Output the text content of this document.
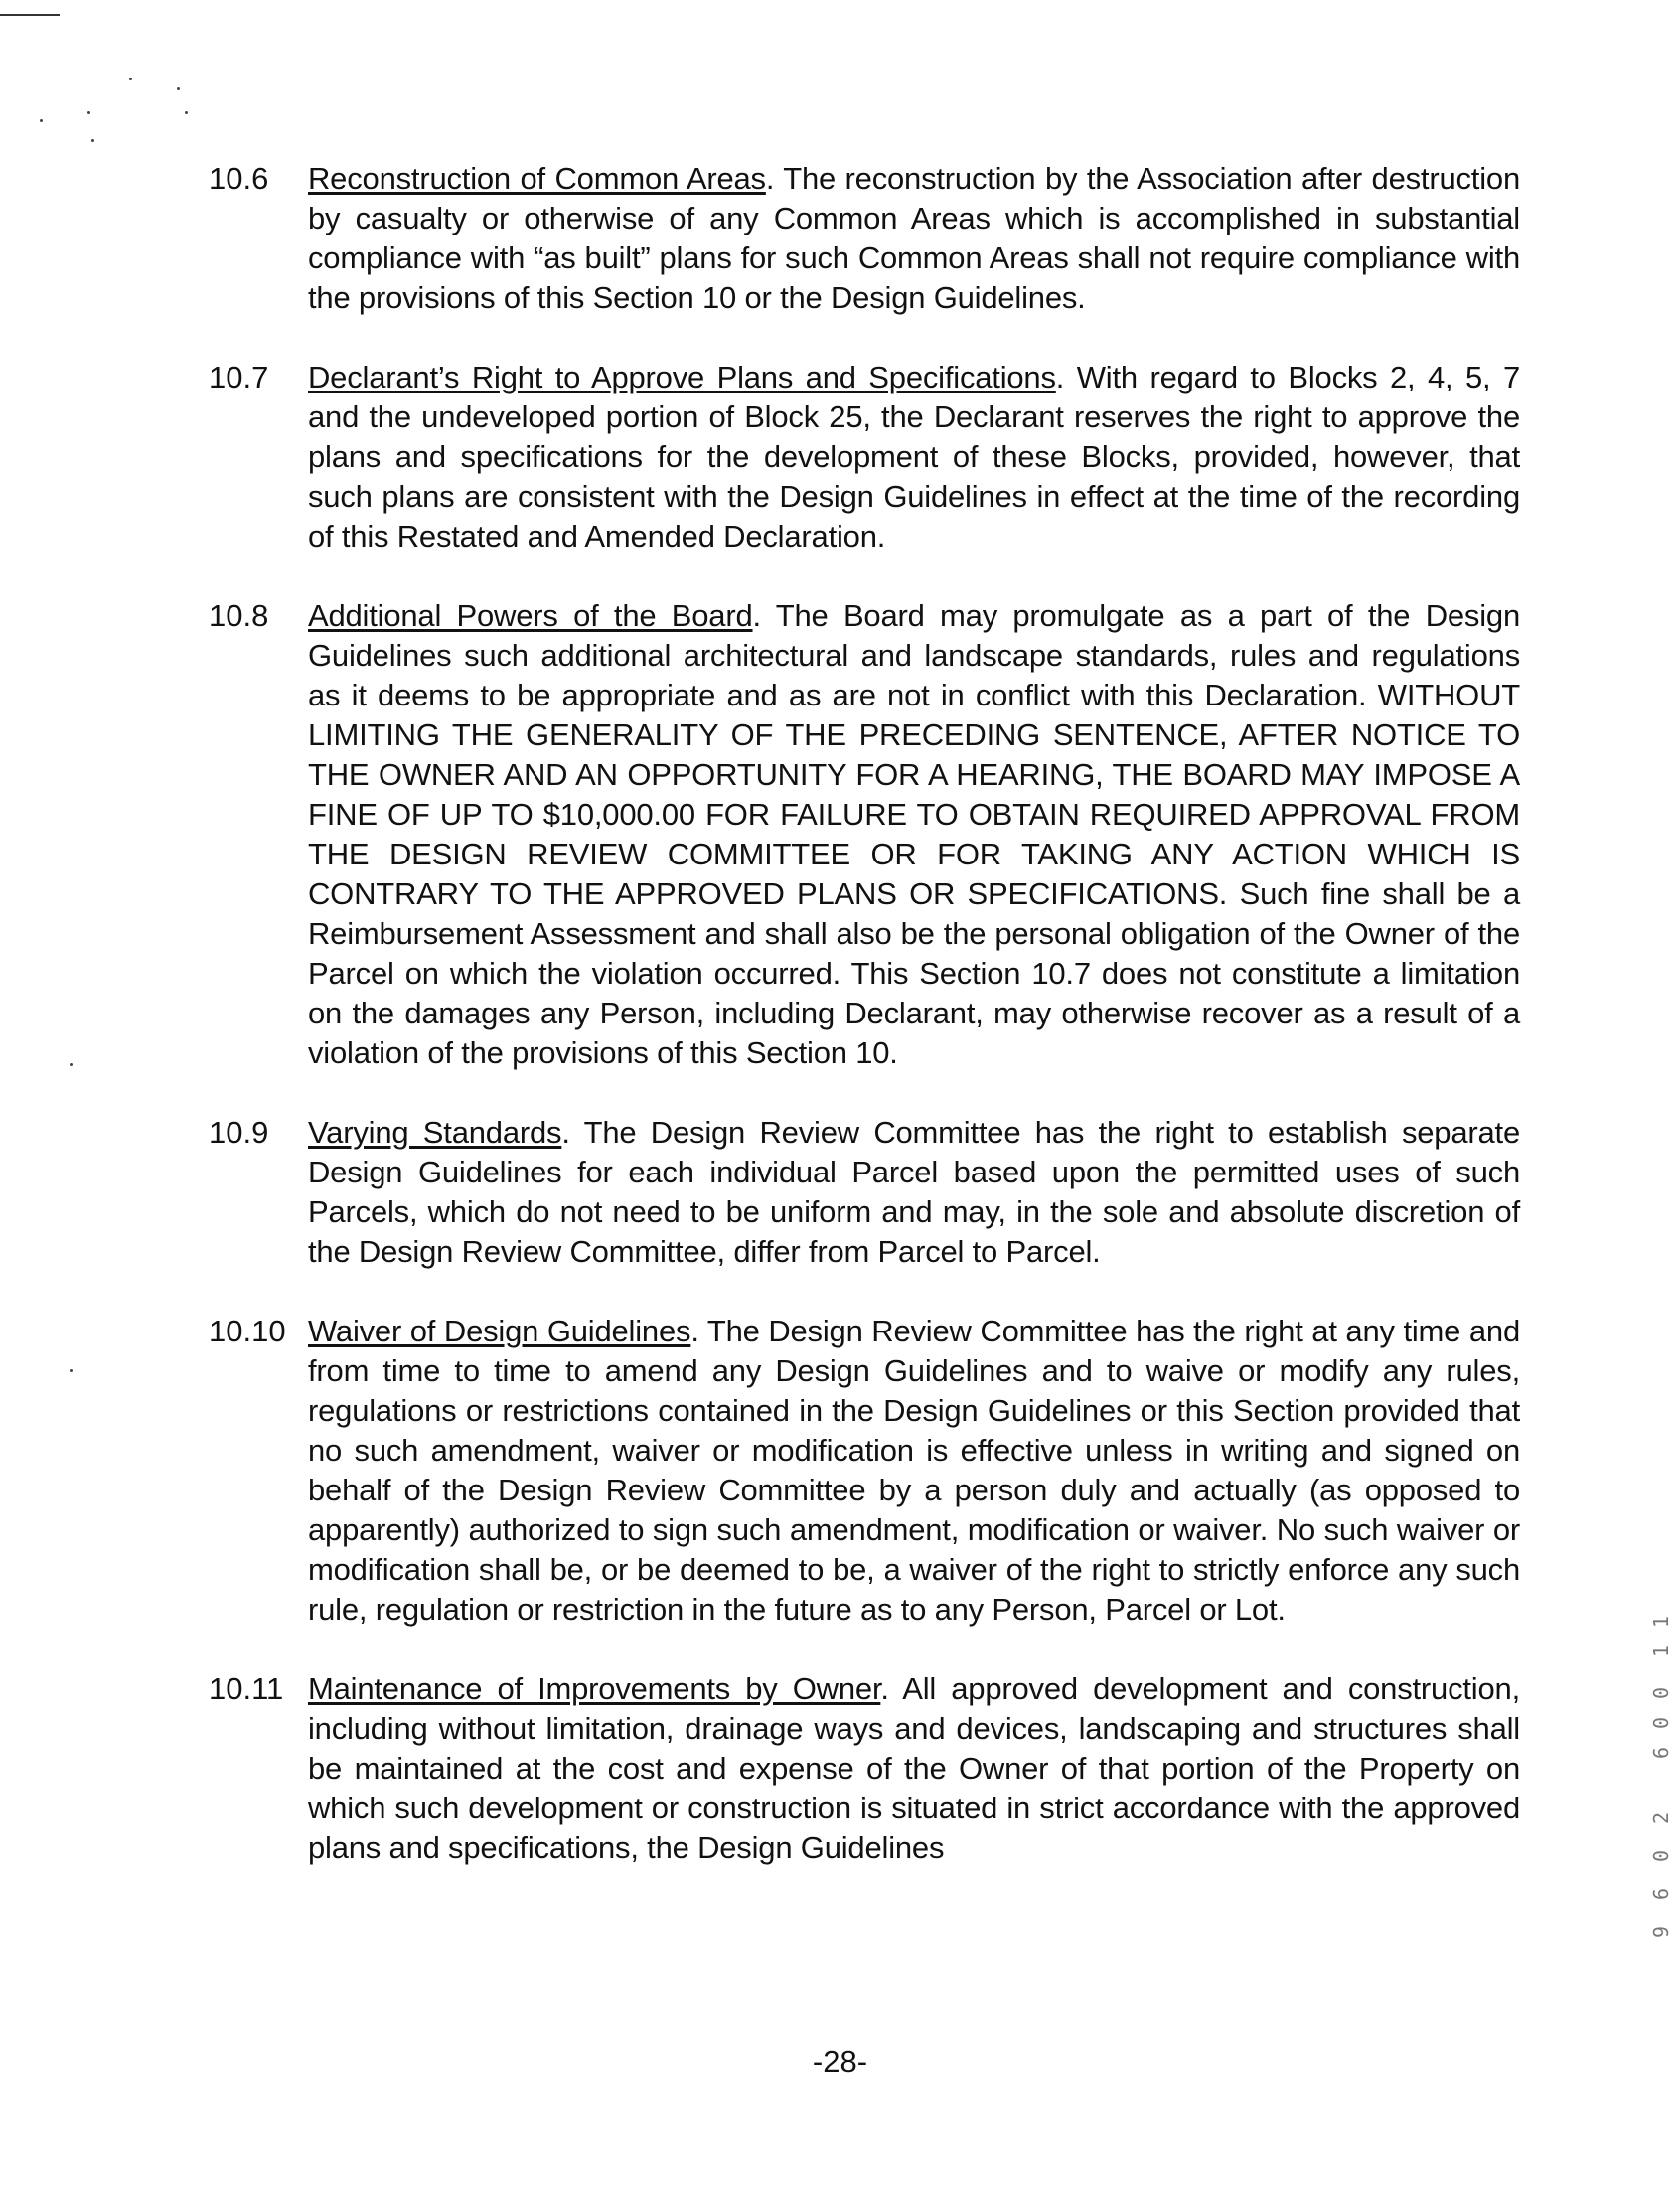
10.6	Reconstruction of Common Areas. The reconstruction by the Association after destruction by casualty or otherwise of any Common Areas which is accomplished in substantial compliance with “as built” plans for such Common Areas shall not require compliance with the provisions of this Section 10 or the Design Guidelines.
10.7	Declarant’s Right to Approve Plans and Specifications. With regard to Blocks 2, 4, 5, 7 and the undeveloped portion of Block 25, the Declarant reserves the right to approve the plans and specifications for the development of these Blocks, provided, however, that such plans are consistent with the Design Guidelines in effect at the time of the recording of this Restated and Amended Declaration.
10.8	Additional Powers of the Board. The Board may promulgate as a part of the Design Guidelines such additional architectural and landscape standards, rules and regulations as it deems to be appropriate and as are not in conflict with this Declaration. WITHOUT LIMITING THE GENERALITY OF THE PRECEDING SENTENCE, AFTER NOTICE TO THE OWNER AND AN OPPORTUNITY FOR A HEARING, THE BOARD MAY IMPOSE A FINE OF UP TO $10,000.00 FOR FAILURE TO OBTAIN REQUIRED APPROVAL FROM THE DESIGN REVIEW COMMITTEE OR FOR TAKING ANY ACTION WHICH IS CONTRARY TO THE APPROVED PLANS OR SPECIFICATIONS. Such fine shall be a Reimbursement Assessment and shall also be the personal obligation of the Owner of the Parcel on which the violation occurred. This Section 10.7 does not constitute a limitation on the damages any Person, including Declarant, may otherwise recover as a result of a violation of the provisions of this Section 10.
10.9	Varying Standards. The Design Review Committee has the right to establish separate Design Guidelines for each individual Parcel based upon the permitted uses of such Parcels, which do not need to be uniform and may, in the sole and absolute discretion of the Design Review Committee, differ from Parcel to Parcel.
10.10 Waiver of Design Guidelines. The Design Review Committee has the right at any time and from time to time to amend any Design Guidelines and to waive or modify any rules, regulations or restrictions contained in the Design Guidelines or this Section provided that no such amendment, waiver or modification is effective unless in writing and signed on behalf of the Design Review Committee by a person duly and actually (as opposed to apparently) authorized to sign such amendment, modification or waiver. No such waiver or modification shall be, or be deemed to be, a waiver of the right to strictly enforce any such rule, regulation or restriction in the future as to any Person, Parcel or Lot.
10.11 Maintenance of Improvements by Owner. All approved development and construction, including without limitation, drainage ways and devices, landscaping and structures shall be maintained at the cost and expense of the Owner of that portion of the Property on which such development or construction is situated in strict accordance with the approved plans and specifications, the Design Guidelines
-28-
1
1
0
0
6
2
0
6
9
